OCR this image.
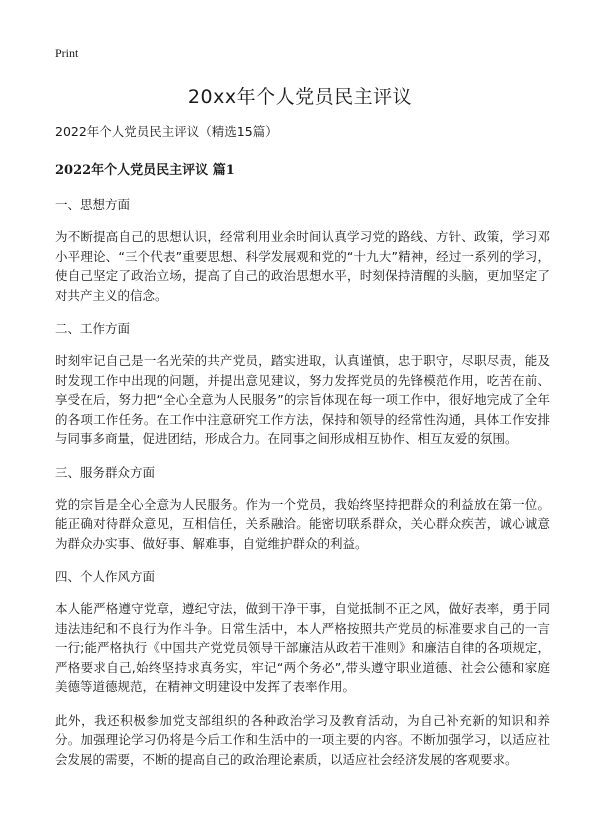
Print
20xx年个人党员民主评议

2022年个人党员民主评议（精选15篇）

2022年个人党员民主评议 篇1

一、思想方面

为不断提高自己的思想认识，经常利用业余时间认真学习党的路线、方针、政策，学习邓小平理论、“三个代表”重要思想、科学发展观和党的“十九大”精神，经过一系列的学习，使自己坚定了政治立场，提高了自己的政治思想水平，时刻保持清醒的头脑，更加坚定了对共产主义的信念。

二、工作方面

时刻牢记自己是一名光荣的共产党员，踏实进取，认真谨慎，忠于职守，尽职尽责，能及时发现工作中出现的问题，并提出意见建议，努力发挥党员的先锋模范作用，吃苦在前、享受在后，努力把“全心全意为人民服务”的宗旨体现在每一项工作中，很好地完成了全年的各项工作任务。在工作中注意研究工作方法，保持和领导的经常性沟通，具体工作安排与同事多商量，促进团结，形成合力。在同事之间形成相互协作、相互友爱的氛围。

三、服务群众方面

党的宗旨是全心全意为人民服务。作为一个党员，我始终坚持把群众的利益放在第一位。能正确对待群众意见，互相信任，关系融洽。能密切联系群众，关心群众疾苦，诚心诚意为群众办实事、做好事、解难事，自觉维护群众的利益。

四、个人作风方面

本人能严格遵守党章，遵纪守法，做到干净干事，自觉抵制不正之风，做好表率，勇于同违法违纪和不良行为作斗争。日常生活中，本人严格按照共产党员的标准要求自己的一言一行;能严格执行《中国共产党党员领导干部廉洁从政若干准则》和廉洁自律的各项规定，严格要求自己,始终坚持求真务实，牢记“两个务必”,带头遵守职业道德、社会公德和家庭美德等道德规范，在精神文明建设中发挥了表率作用。

此外，我还积极参加党支部组织的各种政治学习及教育活动，为自己补充新的知识和养分。加强理论学习仍将是今后工作和生活中的一项主要的内容。不断加强学习，以适应社会发展的需要，不断的提高自己的政治理论素质，以适应社会经济发展的客观要求。
